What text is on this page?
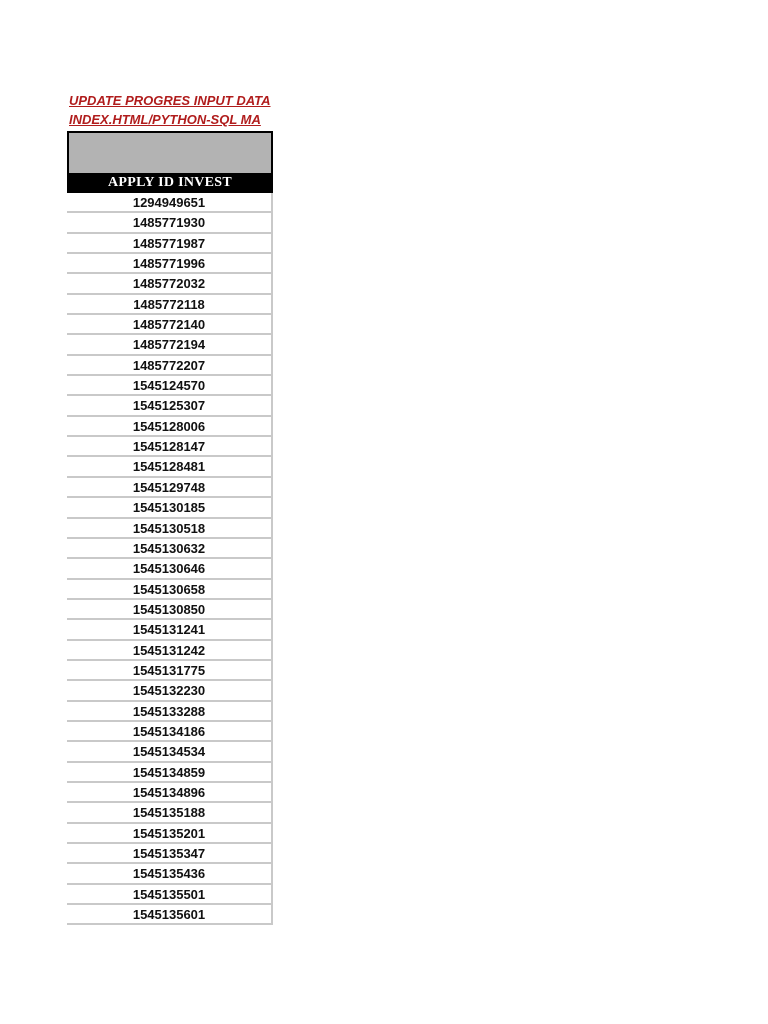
UPDATE PROGRES INPUT DATA
INDEX.HTML/PYTHON-SQL MA
APPLY ID INVEST
1294949651
1485771930
1485771987
1485771996
1485772032
1485772118
1485772140
1485772194
1485772207
1545124570
1545125307
1545128006
1545128147
1545128481
1545129748
1545130185
1545130518
1545130632
1545130646
1545130658
1545130850
1545131241
1545131242
1545131775
1545132230
1545133288
1545134186
1545134534
1545134859
1545134896
1545135188
1545135201
1545135347
1545135436
1545135501
1545135601
